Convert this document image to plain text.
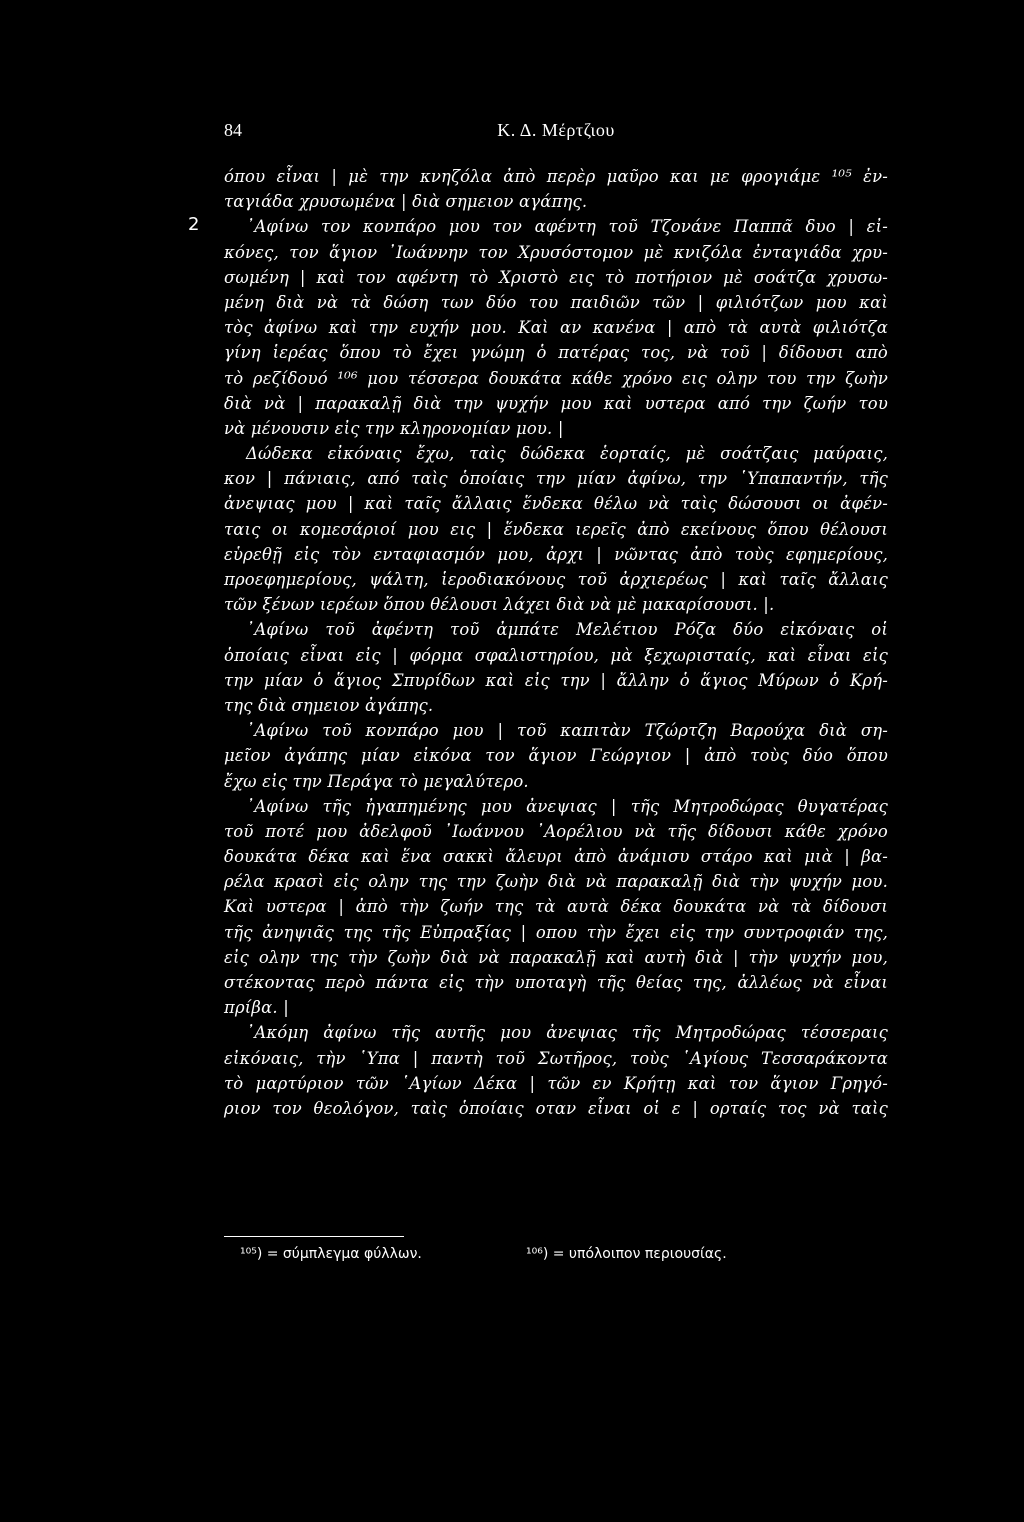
84	Κ. Δ. Μέρτζιου
2
όπου εἶναι | μὲ την κνηζόλα ἀπὸ περὲρ μαῦρο και με φρογιάμε ¹⁰⁵ ἐν-
ταγιάδα χρυσωμένα | διὰ σημειον αγάπης.
᾿Αφίνω τον κονπάρο μου τον αφέντη τοῦ Τζονάνε Παππᾶ δυο | εἰ-
κόνες, τον ἅγιον ᾿Ιωάννην τον Χρυσόστομον μὲ κνιζόλα ἐνταγιάδα χρυ-
σωμένη | καὶ τον αφέντη τὸ Χριστὸ εις τὸ ποτήριον μὲ σοάτζα χρυσω-
μένη διὰ νὰ τὰ δώση των δύο του παιδιῶν τῶν | φιλιότζων μου καὶ
τὸς ἀφίνω καὶ την ευχήν μου. Καὶ αν κανένα | απὸ τὰ αυτὰ φιλιότζα
γίνη ἱερέας ὅπου τὸ ἔχει γνώμη ὁ πατέρας τος, νὰ τοῦ | δίδουσι απὸ
τὸ ρεζίδουό ¹⁰⁶ μου τέσσερα δουκάτα κάθε χρόνο εις ολην του την ζωὴν
διὰ νὰ | παρακαλῇ διὰ την ψυχήν μου καὶ υστερα από την ζωήν του
νὰ μένουσιν εἰς την κληρονομίαν μου. |
Δώδεκα εἰκόναις ἔχω, ταὶς δώδεκα ἑορταίς, μὲ σοάτζαις μαύραις,
κον | πάνιαις, από ταὶς ὁποίαις την μίαν ἀφίνω, την ῾Υπαπαντήν, τῆς
ἀνεψιας μου | καὶ ταῖς ἄλλαις ἕνδεκα θέλω νὰ ταὶς δώσουσι οι ἀφέν-
ταις οι κομεσάριοί μου εις | ἕνδεκα ιερεῖς ἀπὸ εκείνους ὅπου θέλουσι
εὑρεθῇ εἰς τὸν ενταφιασμόν μου, ἀρχι | νῶντας ἀπὸ τοὺς εφημερίους,
προεφημερίους, ψάλτη, ἱεροδιακόνους τοῦ ἀρχιερέως | καὶ ταῖς ἄλλαις
τῶν ξένων ιερέων ὅπου θέλουσι λάχει διὰ νὰ μὲ μακαρίσουσι. |.
᾿Αφίνω τοῦ ἀφέντη τοῦ ἀμπάτε Μελέτιου Ρόζα δύο εἰκόναις οἱ
ὁποίαις εἶναι εἰς | φόρμα σφαλιστηρίου, μὰ ξεχωρισταίς, καὶ εἶναι εἰς
την μίαν ὁ ἅγιος Σπυρίδων καὶ εἰς την | ἄλλην ὁ ἅγιος Μύρων ὁ Κρή-
της διὰ σημειον ἀγάπης.
᾿Αφίνω τοῦ κονπάρο μου | τοῦ καπιτὰν Τζώρτζη Βαρούχα διὰ ση-
μεῖον ἀγάπης μίαν εἰκόνα τον ἅγιον Γεώργιον | ἀπὸ τοὺς δύο ὅπου
ἔχω εἰς την Περάγα τὸ μεγαλύτερο.
᾿Αφίνω τῆς ἠγαπημένης μου ἀνεψιας | τῆς Μητροδώρας θυγατέρας
τοῦ ποτέ μου ἀδελφοῦ ᾿Ιωάννου ᾿Αορέλιου νὰ τῆς δίδουσι κάθε χρόνο
δουκάτα δέκα καὶ ἕνα σακκὶ ἄλευρι ἀπὸ ἀνάμισυ στάρο καὶ μιὰ | βα-
ρέλα κρασὶ εἰς ολην της την ζωὴν διὰ νὰ παρακαλῇ διὰ τὴν ψυχήν μου.
Καὶ υστερα | ἀπὸ τὴν ζωήν της τὰ αυτὰ δέκα δουκάτα νὰ τὰ δίδουσι
τῆς ἀνηψιᾶς της τῆς Εὐπραξίας | οπου τὴν ἔχει εἰς την συντροφιάν της,
εἰς ολην της τὴν ζωὴν διὰ νὰ παρακαλῇ καὶ αυτὴ διὰ | τὴν ψυχήν μου,
στέκοντας περὸ πάντα εἰς τὴν υποταγὴ τῆς θείας της, ἀλλέως νὰ εἶναι
πρίβα. |
᾿Ακόμη ἀφίνω τῆς αυτῆς μου ἀνεψιας τῆς Μητροδώρας τέσσεραις
εἰκόναις, τὴν ῾Υπα | παντὴ τοῦ Σωτῆρος, τοὺς ῾Αγίους Τεσσαράκοντα
τὸ μαρτύριον τῶν ῾Αγίων Δέκα | τῶν εν Κρήτῃ καὶ τον ἅγιον Γρηγό-
ριον τον θεολόγον, ταὶς ὁποίαις οταν εἶναι οἱ ε | ορταίς τος νὰ ταὶς
¹⁰⁵) = σύμπλεγμα φύλλων.	¹⁰⁶) = υπόλοιπον περιουσίας.
